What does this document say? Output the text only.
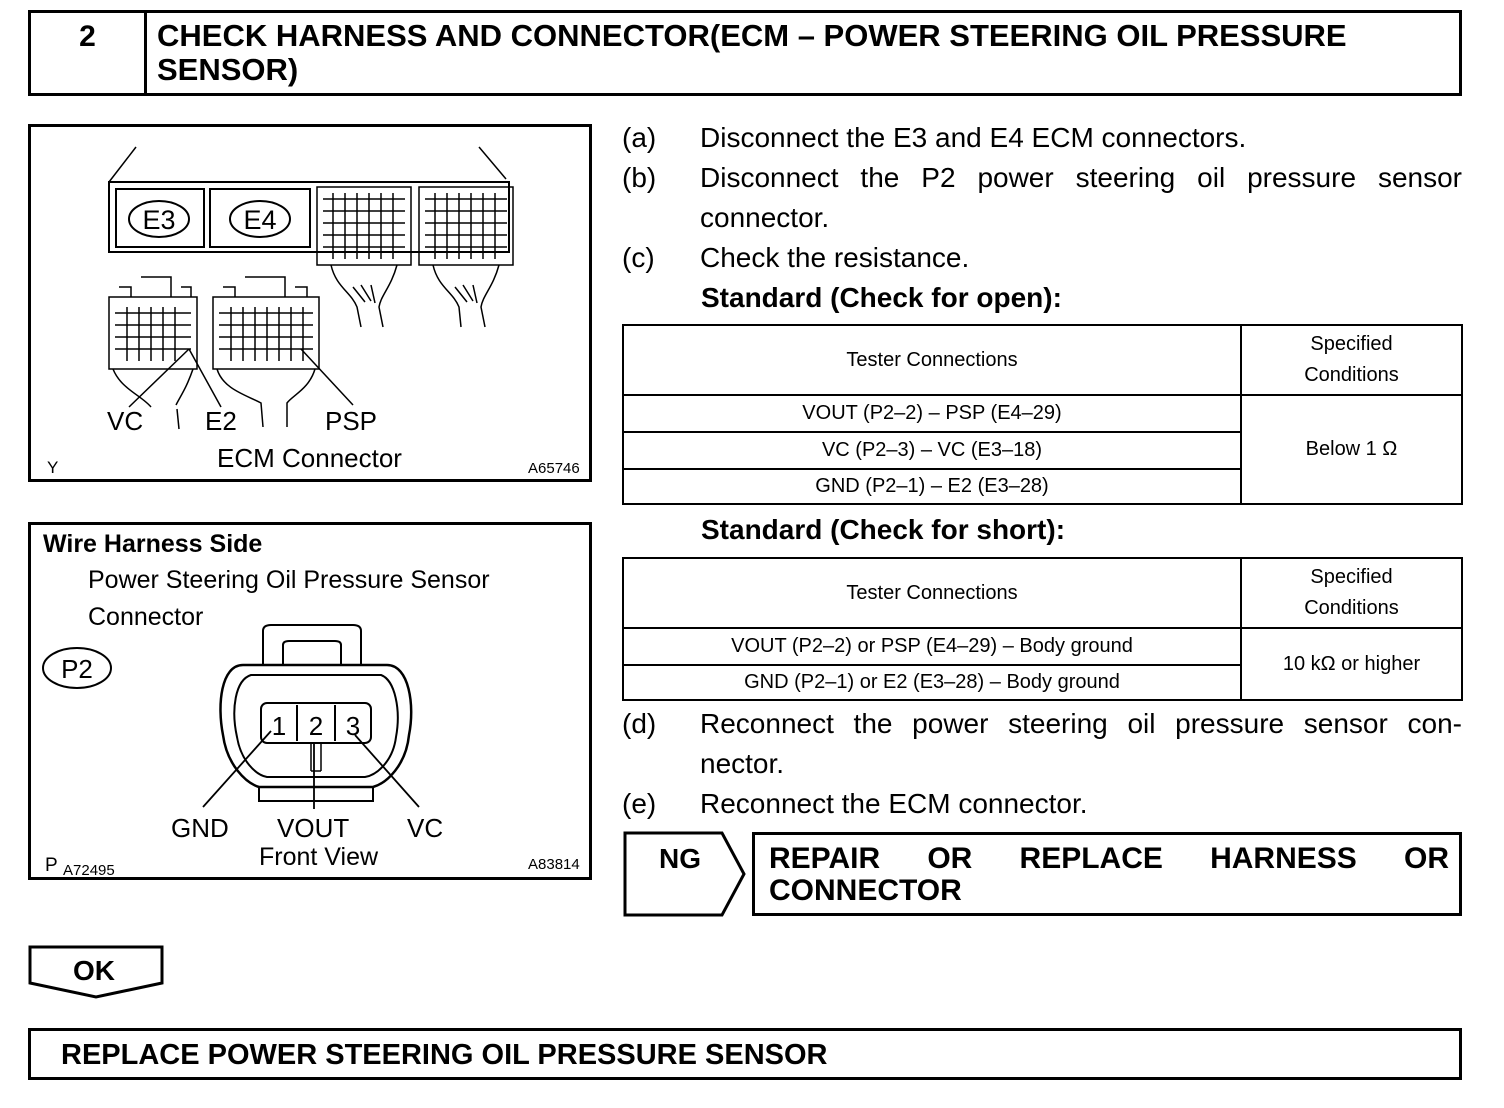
2	CHECK HARNESS AND CONNECTOR(ECM – POWER STEERING OIL PRESSURE SENSOR)
E3	E4
VC E2	PSP
ECM Connector
Y	A65746
Wire Harness Side
Power Steering Oil Pressure Sensor
Connector
P2
1 2 3
GND VOUT VC
Front View
P A72495	A83814
(a) Disconnect the E3 and E4 ECM connectors.
(b) Disconnect the P2 power steering oil pressure sensor connector.
(c) Check the resistance.
Standard (Check for open):
Tester Connections	Specified
Conditions

VOUT (P2–2) – PSP (E4–29)	Below 1 Ω
VC (P2–3) – VC (E3–18)	
GND (P2–1) – E2 (E3–28)	
Standard (Check for short):
Tester Connections	Specified
Conditions

VOUT (P2–2) or PSP (E4–29) – Body ground	10 kΩ or higher
GND (P2–1) or E2 (E3–28) – Body ground	
(d) Reconnect the power steering oil pressure sensor con-nector.
(e) Reconnect the ECM connector.
NG REPAIR OR REPLACE HARNESS OR
CONNECTOR
OK
REPLACE POWER STEERING OIL PRESSURE SENSOR
